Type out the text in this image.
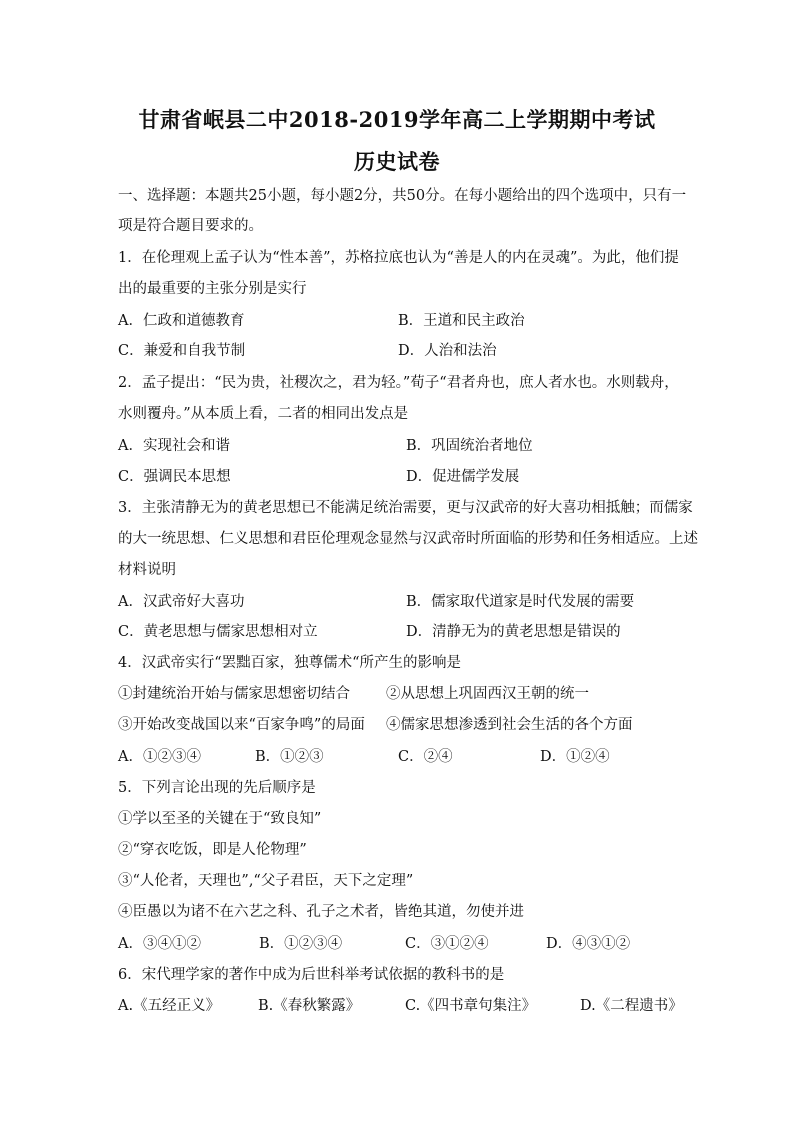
甘肃省岷县二中2018-2019学年高二上学期期中考试
历史试卷
一、选择题：本题共25小题，每小题2分，共50分。在每小题给出的四个选项中，只有一
项是符合题目要求的。
1．在伦理观上孟子认为“性本善”，苏格拉底也认为“善是人的内在灵魂”。为此，他们提
出的最重要的主张分别是实行
A．仁政和道德教育	B．王道和民主政治
C．兼爱和自我节制	D．人治和法治
2．孟子提出：“民为贵，社稷次之，君为轻。”荀子“君者舟也，庶人者水也。水则载舟，
水则覆舟。”从本质上看，二者的相同出发点是
A．实现社会和谐	B．巩固统治者地位
C．强调民本思想	D．促进儒学发展
3．主张清静无为的黄老思想已不能满足统治需要，更与汉武帝的好大喜功相抵触；而儒家
的大一统思想、仁义思想和君臣伦理观念显然与汉武帝时所面临的形势和任务相适应。上述
材料说明
A．汉武帝好大喜功	B．儒家取代道家是时代发展的需要
C．黄老思想与儒家思想相对立	D．清静无为的黄老思想是错误的
4．汉武帝实行“罢黜百家，独尊儒术“所产生的影响是
①封建统治开始与儒家思想密切结合 ②从思想上巩固西汉王朝的统一
③开始改变战国以来“百家争鸣”的局面 ④儒家思想渗透到社会生活的各个方面
A．①②③④	B．①②③	C．②④	D．①②④
5．下列言论出现的先后顺序是
①学以至圣的关键在于“致良知”
②“穿衣吃饭，即是人伦物理”
③“人伦者，天理也”,“父子君臣，天下之定理”
④臣愚以为诸不在六艺之科、孔子之术者，皆绝其道，勿使并进
A．③④①②	B．①②③④	C．③①②④	D．④③①②
6．宋代理学家的著作中成为后世科举考试依据的教科书的是
A.《五经正义》	B.《春秋繁露》	C.《四书章句集注》	D.《二程遗书》
